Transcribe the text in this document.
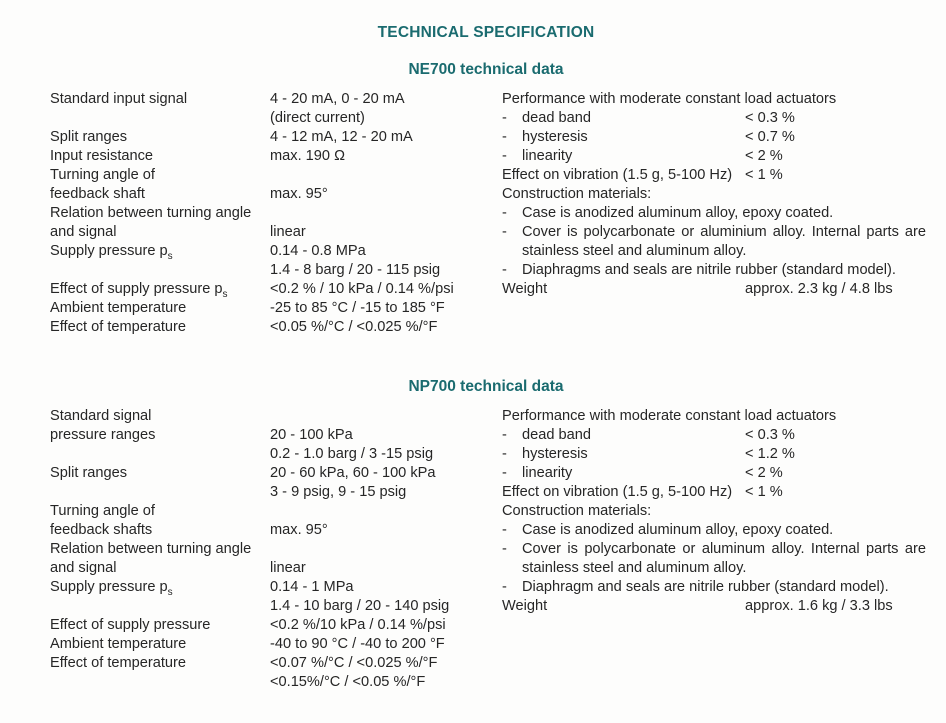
TECHNICAL SPECIFICATION
NE700 technical data
Standard input signal	4 - 20 mA, 0 - 20 mA
(direct current)
Split ranges	4 - 12 mA, 12 - 20 mA
Input resistance	max. 190 Ω
Turning angle of
feedback shaft	max. 95°
Relation between turning angle
and signal	linear
Supply pressure $p_s$	0.14 - 0.8 MPa
1.4 - 8 barg / 20 - 115 psig
Effect of supply pressure $p_s$	<0.2 % / 10 kPa / 0.14 %/psi
Ambient temperature	-25 to 85 °C / -15 to 185 °F
Effect of temperature	<0.05 %/°C / <0.025 %/°F
Performance with moderate constant load actuators
- dead band	< 0.3 %
- hysteresis	< 0.7 %
- linearity	< 2 %
Effect on vibration (1.5 g, 5-100 Hz) < 1 %
Construction materials:
- Case is anodized aluminum alloy, epoxy coated.
- Cover is polycarbonate or aluminium alloy. Internal parts are
stainless steel and aluminum alloy.
- Diaphragms and seals are nitrile rubber (standard model).
Weight	approx. 2.3 kg / 4.8 lbs
NP700 technical data
Standard signal
pressure ranges	20 - 100 kPa
0.2 - 1.0 barg / 3 -15 psig
Split ranges	20 - 60 kPa, 60 - 100 kPa
3 - 9 psig, 9 - 15 psig
Turning angle of
feedback shafts	max. 95°
Relation between turning angle
and signal	linear
Supply pressure $p_s$	0.14 - 1 MPa
1.4 - 10 barg / 20 - 140 psig
Effect of supply pressure	<0.2 %/10 kPa / 0.14 %/psi
Ambient temperature	-40 to 90 °C / -40 to 200 °F
Effect of temperature	<0.07 %/°C / <0.025 %/°F
<0.15%/°C / <0.05 %/°F
Performance with moderate constant load actuators
- dead band	< 0.3 %
- hysteresis	< 1.2 %
- linearity	< 2 %
Effect on vibration (1.5 g, 5-100 Hz) < 1 %
Construction materials:
- Case is anodized aluminum alloy, epoxy coated.
- Cover is polycarbonate or aluminum alloy. Internal parts are
stainless steel and aluminum alloy.
- Diaphragm and seals are nitrile rubber (standard model).
Weight	approx. 1.6 kg / 3.3 lbs
